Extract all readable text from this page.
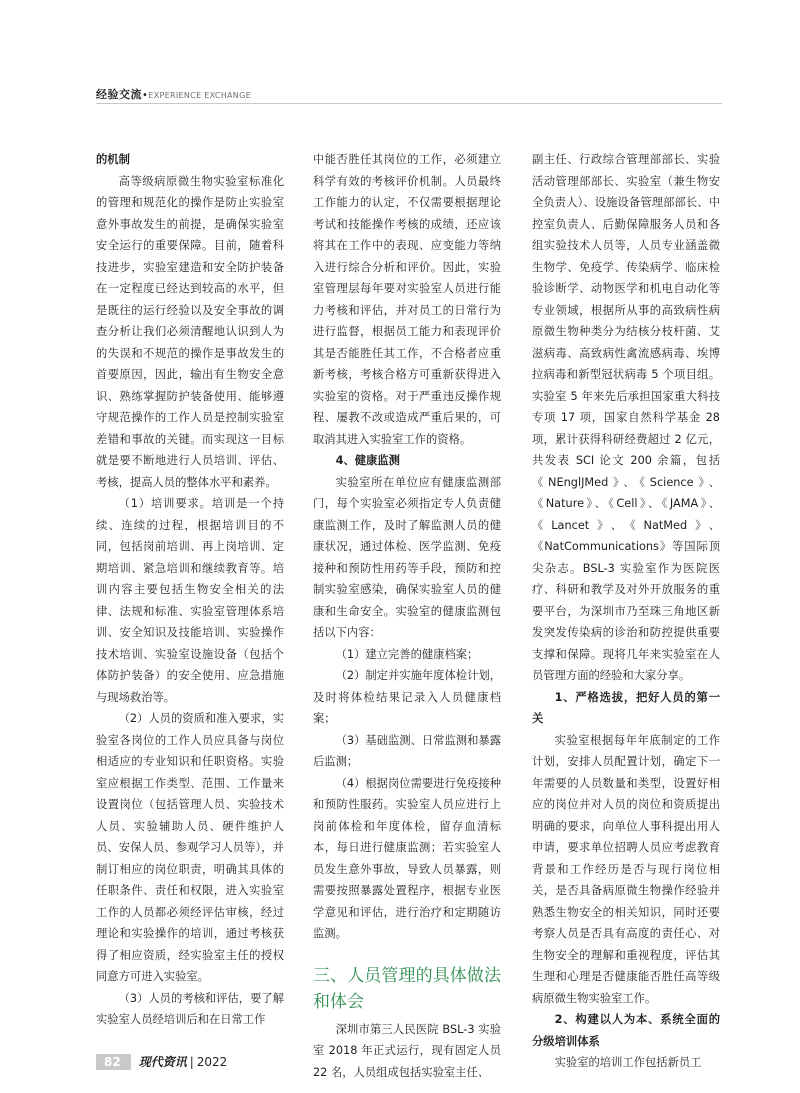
经验交流•EXPERIENCE EXCHANGE

的机制

高等级病原微生物实验室标准化的管理和规范化的操作是防止实验室意外事故发生的前提，是确保实验室安全运行的重要保障。目前，随着科技进步，实验室建造和安全防护装备在一定程度已经达到较高的水平，但是既往的运行经验以及安全事故的调查分析让我们必须清醒地认识到人为的失误和不规范的操作是事故发生的首要原因，因此，输出有生物安全意识、熟练掌握防护装备使用、能够遵守规范操作的工作人员是控制实验室差错和事故的关键。而实现这一目标就是要不断地进行人员培训、评估、考核，提高人员的整体水平和素养。

（1）培训要求。培训是一个持续、连续的过程，根据培训目的不同，包括岗前培训、再上岗培训、定期培训、紧急培训和继续教育等。培训内容主要包括生物安全相关的法律、法规和标准、实验室管理体系培训、安全知识及技能培训、实验操作技术培训、实验室设施设备（包括个体防护装备）的安全使用、应急措施与现场救治等。

（2）人员的资质和准入要求，实验室各岗位的工作人员应具备与岗位相适应的专业知识和任职资格。实验室应根据工作类型、范围、工作量来设置岗位（包括管理人员、实验技术人员、实验辅助人员、硬件维护人员、安保人员、参观学习人员等），并制订相应的岗位职责，明确其具体的任职条件、责任和权限，进入实验室工作的人员都必须经评估审核，经过理论和实验操作的培训，通过考核获得了相应资质，经实验室主任的授权同意方可进入实验室。

（3）人员的考核和评估，要了解实验室人员经培训后和在日常工作

中能否胜任其岗位的工作，必须建立科学有效的考核评价机制。人员最终工作能力的认定，不仅需要根据理论考试和技能操作考核的成绩，还应该将其在工作中的表现、应变能力等纳入进行综合分析和评价。因此，实验室管理层每年要对实验室人员进行能力考核和评估，并对员工的日常行为进行监督，根据员工能力和表现评价其是否能胜任其工作，不合格者应重新考核，考核合格方可重新获得进入实验室的资格。对于严重违反操作规程、屡教不改或造成严重后果的，可取消其进入实验室工作的资格。

4、健康监测

实验室所在单位应有健康监测部门，每个实验室必须指定专人负责健康监测工作，及时了解监测人员的健康状况，通过体检、医学监测、免疫接种和预防性用药等手段，预防和控制实验室感染，确保实验室人员的健康和生命安全。实验室的健康监测包括以下内容：

（1）建立完善的健康档案；

（2）制定并实施年度体检计划，及时将体检结果记录入人员健康档案；

（3）基础监测、日常监测和暴露后监测；

（4）根据岗位需要进行免疫接种和预防性服药。实验室人员应进行上岗前体检和年度体检，留存血清标本，每日进行健康监测；若实验室人员发生意外事故，导致人员暴露，则需要按照暴露处置程序，根据专业医学意见和评估，进行治疗和定期随访监测。

三、人员管理的具体做法和体会

深圳市第三人民医院 BSL-3 实验室 2018 年正式运行，现有固定人员 22 名，人员组成包括实验室主任、

副主任、行政综合管理部部长、实验活动管理部部长、实验室（兼生物安全负责人）、设施设备管理部部长、中控室负责人、后勤保障服务人员和各组实验技术人员等，人员专业涵盖微生物学、免疫学、传染病学、临床检验诊断学、动物医学和机电自动化等专业领域，根据所从事的高致病性病原微生物种类分为结核分枝杆菌、艾滋病毒、高致病性禽流感病毒、埃博拉病毒和新型冠状病毒 5 个项目组。实验室 5 年来先后承担国家重大科技专项 17 项，国家自然科学基金 28 项，累计获得科研经费超过 2 亿元，共发表 SCI 论文 200 余篇，包括《NEnglJMed》、《Science》、《Nature》、《Cell》、《JAMA》、《Lancet》、《NatMed》、《NatCommunications》等国际顶尖杂志。BSL-3 实验室作为医院医疗、科研和教学及对外开放服务的重要平台，为深圳市乃至珠三角地区新发突发传染病的诊治和防控提供重要支撑和保障。现将几年来实验室在人员管理方面的经验和大家分享。

1、严格选拔，把好人员的第一关

实验室根据每年年底制定的工作计划，安排人员配置计划，确定下一年需要的人员数量和类型，设置好相应的岗位并对人员的岗位和资质提出明确的要求，向单位人事科提出用人申请，要求单位招聘人员应考虑教育背景和工作经历是否与现行岗位相关，是否具备病原微生物操作经验并熟悉生物安全的相关知识，同时还要考察人员是否具有高度的责任心、对生物安全的理解和重视程度，评估其生理和心理是否健康能否胜任高等级病原微生物实验室工作。

2、构建以人为本、系统全面的分级培训体系

实验室的培训工作包括新员工

82	现代资讯 | 2022
